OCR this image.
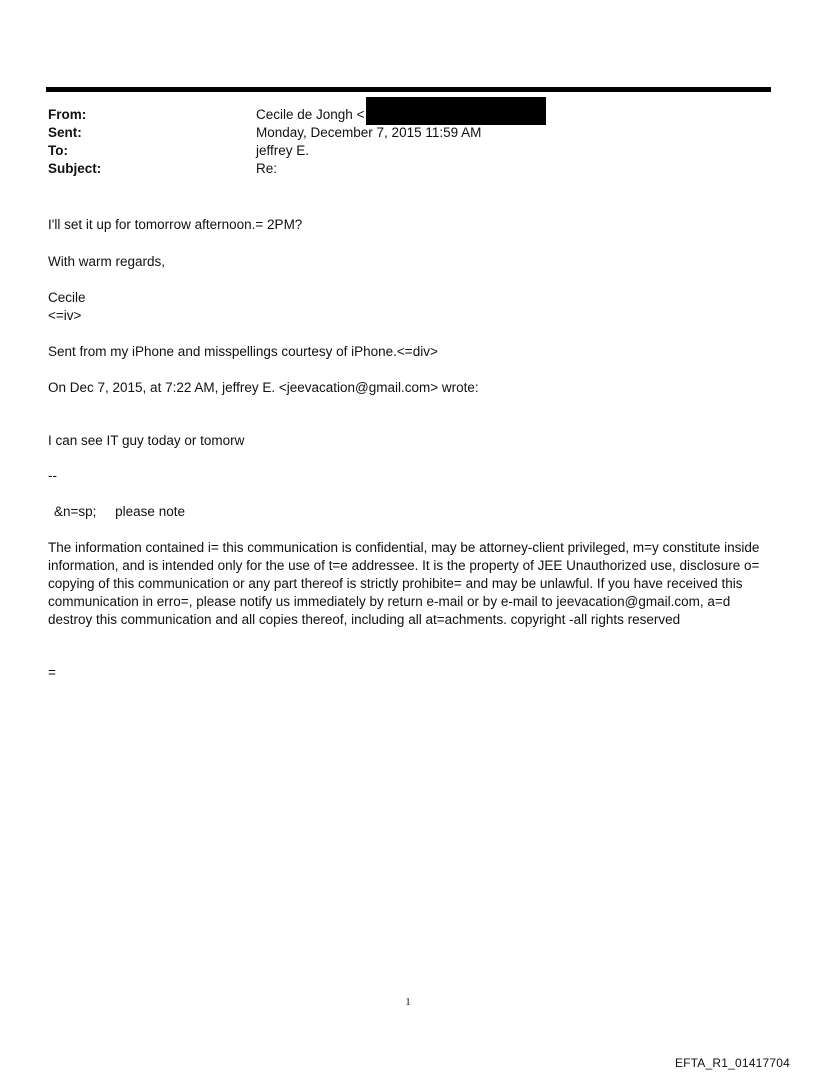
From:	Cecile de Jongh <
Sent:	Monday, December 7, 2015 11:59 AM
To:	jeffrey E.
Subject:	Re:
I'll set it up for tomorrow afternoon.= 2PM?
With warm regards,
Cecile
<=iv>
Sent from my iPhone and misspellings courtesy of iPhone.<=div>
On Dec 7, 2015, at 7:22 AM, jeffrey E. <jeevacation@gmail.com> wrote:
I can see IT guy today or tomorw
--
&n=sp;     please note
The information contained i= this communication is confidential, may be attorney-client privileged, m=y constitute inside information, and is intended only for the use of t=e addressee. It is the property of JEE Unauthorized use, disclosure o= copying of this communication or any part thereof is strictly prohibite= and may be unlawful. If you have received this communication in erro=, please notify us immediately by return e-mail or by e-mail to jeevacation@gmail.com, a=d destroy this communication and all copies thereof, including all at=achments. copyright -all rights reserved
=
1
EFTA_R1_01417704
